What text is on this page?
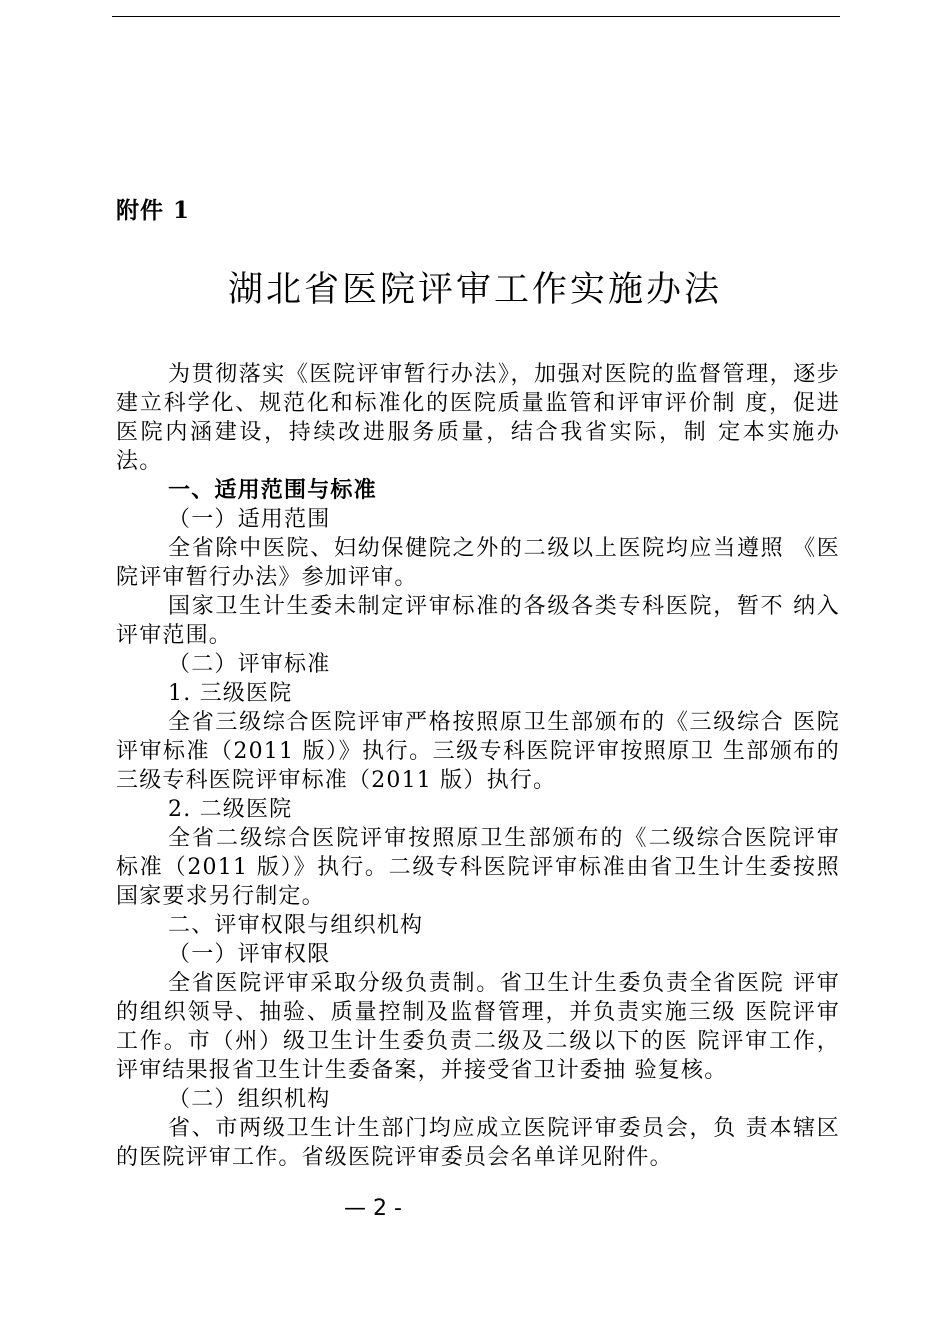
附件 1
湖北省医院评审工作实施办法

为贯彻落实《医院评审暂行办法》，加强对医院的监督管理，逐步建立科学化、规范化和标准化的医院质量监管和评审评价制 度，促进医院内涵建设，持续改进服务质量，结合我省实际，制 定本实施办法。

一、适用范围与标准

（一）适用范围

全省除中医院、妇幼保健院之外的二级以上医院均应当遵照 《医院评审暂行办法》参加评审。

国家卫生计生委未制定评审标准的各级各类专科医院，暂不 纳入评审范围。

（二）评审标准

1. 三级医院

全省三级综合医院评审严格按照原卫生部颁布的《三级综合 医院评审标准（2011 版）》执行。三级专科医院评审按照原卫 生部颁布的三级专科医院评审标准（2011 版）执行。

2. 二级医院

全省二级综合医院评审按照原卫生部颁布的《二级综合医院评审标准（2011 版）》执行。二级专科医院评审标准由省卫生计生委按照国家要求另行制定。

二、评审权限与组织机构

（一）评审权限

全省医院评审采取分级负责制。省卫生计生委负责全省医院 评审的组织领导、抽验、质量控制及监督管理，并负责实施三级 医院评审工作。市（州）级卫生计生委负责二级及二级以下的医 院评审工作，评审结果报省卫生计生委备案，并接受省卫计委抽 验复核。

（二）组织机构

省、市两级卫生计生部门均应成立医院评审委员会，负 责本辖区的医院评审工作。省级医院评审委员会名单详见附件。

— 2 -
